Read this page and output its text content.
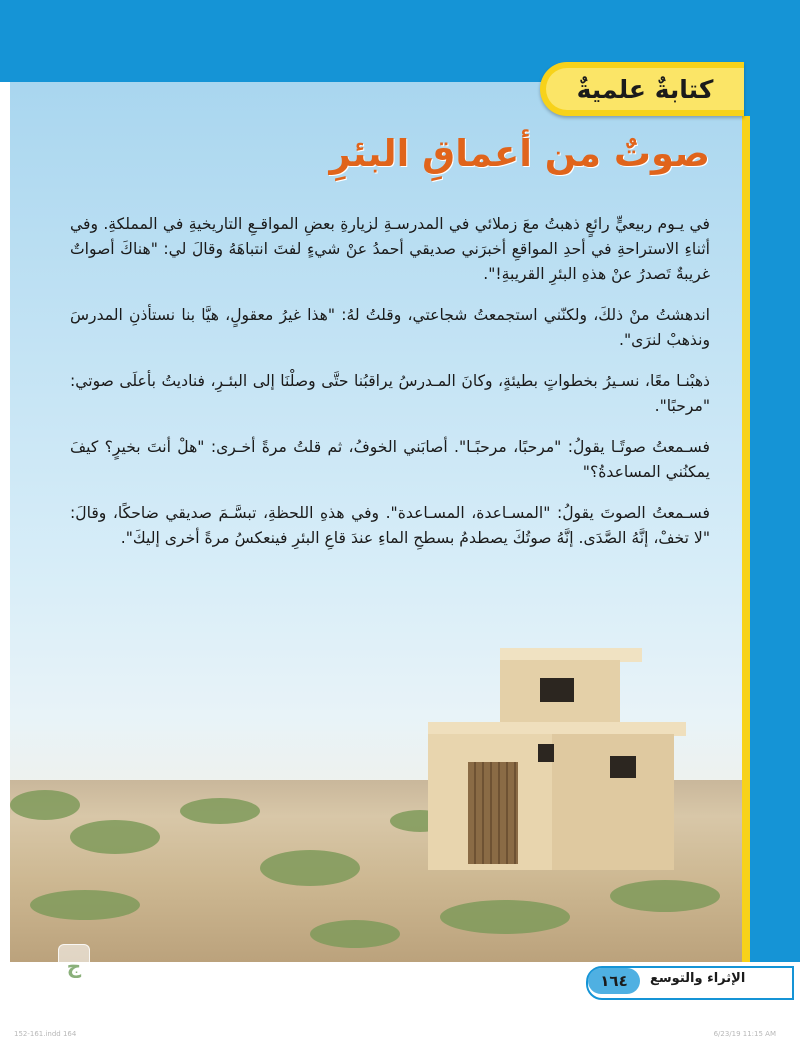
كتابةٌ علميةٌ
صوتٌ من أعماقِ البئرِ

في يـوم ربيعيٍّ رائعٍ ذهبتُ معَ زملائي في المدرسـةِ لزيارةِ بعضِ المواقـعِ التاريخيةِ في المملكةِ. وفي أثناءِ الاستراحةِ في أحدِ المواقعِ أخبرَني صديقي أحمدُ عنْ شيءٍ لفتَ انتباهَهُ وقالَ لي: "هناكَ أصواتٌ غريبةٌ تَصدرُ عنْ هذهِ البئرِ القريبةِ!".

اندهشتُ منْ ذلكَ، ولكنّني استجمعتُ شجاعتي، وقلتُ لهُ: "هذا غيرُ معقولٍ، هيَّا بنا نستأذنِ المدرسَ ونذهبْ لنرَى".

ذهبْنـا معًا، نسـيرُ بخطواتٍ بطيئةٍ، وكانَ المـدرسُ يراقبُنا حتَّى وصلْنَا إلى البئـرِ، فناديتُ بأعلَى صوتي: "مرحبًا".

فسـمعتُ صوتًـا يقولُ: "مرحبًا، مرحبًـا". أصابَني الخوفُ، ثم قلتُ مرةً أخـرى: "هلْ أنتَ بخيرٍ؟ كيفَ يمكنُني المساعدةُ؟"

فسـمعتُ الصوتَ يقولُ: "المسـاعدة، المسـاعدة". وفي هذهِ اللحظةِ، تبسَّـمَ صديقي ضاحكًا، وقالَ: "لا تخفْ، إنَّهُ الصَّدَى. إنَّهُ صوتُكَ يصطدمُ بسطحِ الماءِ عندَ قاعِ البئرِ فينعكسُ مرةً أخرى إليكَ".

ج
الإثراء والتوسع
١٦٤
152-161.indd 164	6/23/19 11:15 AM
